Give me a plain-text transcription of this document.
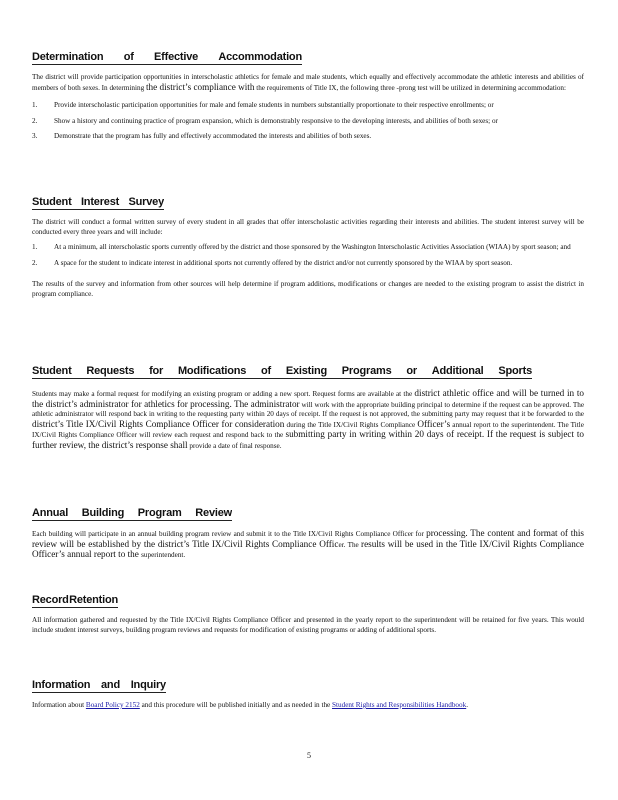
Determination of Effective Accommodation

The district will provide participation opportunities in interscholastic athletics for female and male students, which equally and effectively accommodate the athletic interests and abilities of members of both sexes. In determining the district’s compliance with the requirements of Title IX, the following three -prong test will be utilized in determining accommodation:

1. Provide interscholastic participation opportunities for male and female students in numbers substantially proportionate to their respective enrollments; or
2. Show a history and continuing practice of program expansion, which is demonstrably responsive to the developing interests, and abilities of both sexes; or
3. Demonstrate that the program has fully and effectively accommodated the interests and abilities of both sexes.
Student Interest Survey

The district will conduct a formal written survey of every student in all grades that offer interscholastic activities regarding their interests and abilities. The student interest survey will be conducted every three years and will include:

1. At a minimum, all interscholastic sports currently offered by the district and those sponsored by the Washington Interscholastic Activities Association (WIAA) by sport season; and
2. A space for the student to indicate interest in additional sports not currently offered by the district and/or not currently sponsored by the WIAA by sport season.

The results of the survey and information from other sources will help determine if program additions, modifications or changes are needed to the existing program to assist the district in program compliance.

Student Requests for Modifications of Existing Programs or Additional Sports

Students may make a formal request for modifying an existing program or adding a new sport. Request forms are available at the district athletic office and will be turned in to the district’s administrator for athletics for processing. The administrator will work with the appropriate building principal to determine if the request can be approved. The athletic administrator will respond back in writing to the requesting party within 20 days of receipt. If the request is not approved, the submitting party may request that it be forwarded to the district’s Title IX/Civil Rights Compliance Officer for consideration during the Title IX/Civil Rights Compliance Officer’s annual report to the superintendent. The Title IX/Civil Rights Compliance Officer will review each request and respond back to the submitting party in writing within 20 days of receipt. If the request is subject to further review, the district’s response shall provide a date of final response.

Annual Building Program Review

Each building will participate in an annual building program review and submit it to the Title IX/Civil Rights Compliance Officer for processing. The content and format of this review will be established by the district’s Title IX/Civil Rights Compliance Officer. The results will be used in the Title IX/Civil Rights Compliance Officer’s annual report to the superintendent.

Record Retention

All information gathered and requested by the Title IX/Civil Rights Compliance Officer and presented in the yearly report to the superintendent will be retained for five years. This would include student interest surveys, building program reviews and requests for modification of existing programs or adding of additional sports.

Information and Inquiry

Information about Board Policy 2152 and this procedure will be published initially and as needed in the Student Rights and Responsibilities Handbook.

5
